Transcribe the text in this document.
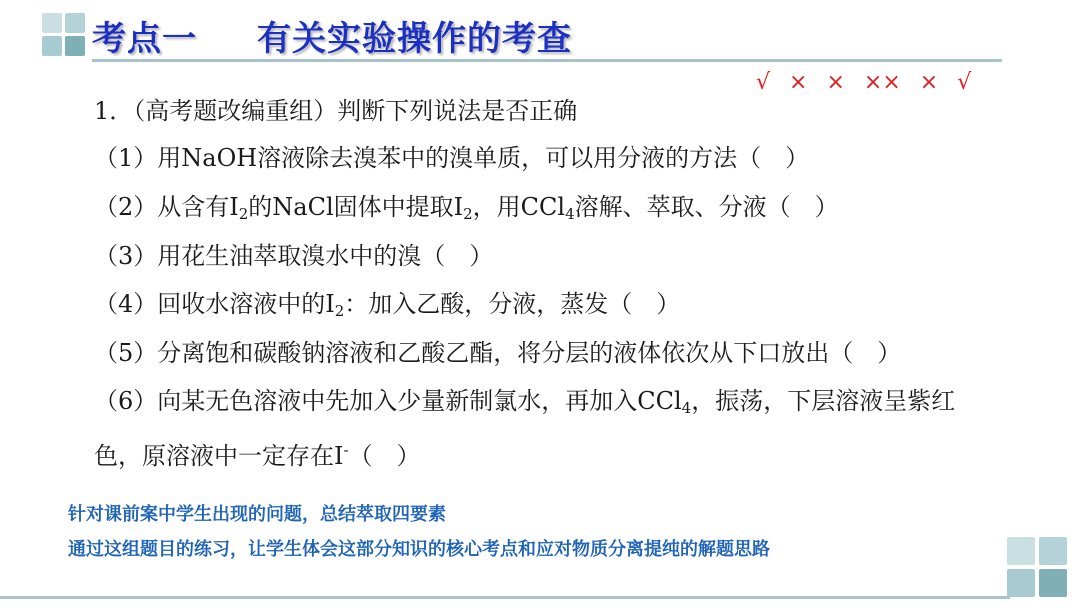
考点一 有关实验操作的考查
√ × × ×× × √
1．（高考题改编重组）判断下列说法是否正确
（1）用NaOH溶液除去溴苯中的溴单质，可以用分液的方法（　）
（2）从含有$I_2$的NaCl固体中提取$I_2$，用CCl$_4$溶解、萃取、分液（　）
（3）用花生油萃取溴水中的溴（　）
（4）回收水溶液中的$I_2$：加入乙酸，分液，蒸发（　）
（5）分离饱和碳酸钠溶液和乙酸乙酯，将分层的液体依次从下口放出（　）
（6）向某无色溶液中先加入少量新制氯水，再加入CCl$_4$，振荡，下层溶液呈紫红
色，原溶液中一定存在I-（　）
针对课前案中学生出现的问题，总结萃取四要素
通过这组题目的练习，让学生体会这部分知识的核心考点和应对物质分离提纯的解题思路
